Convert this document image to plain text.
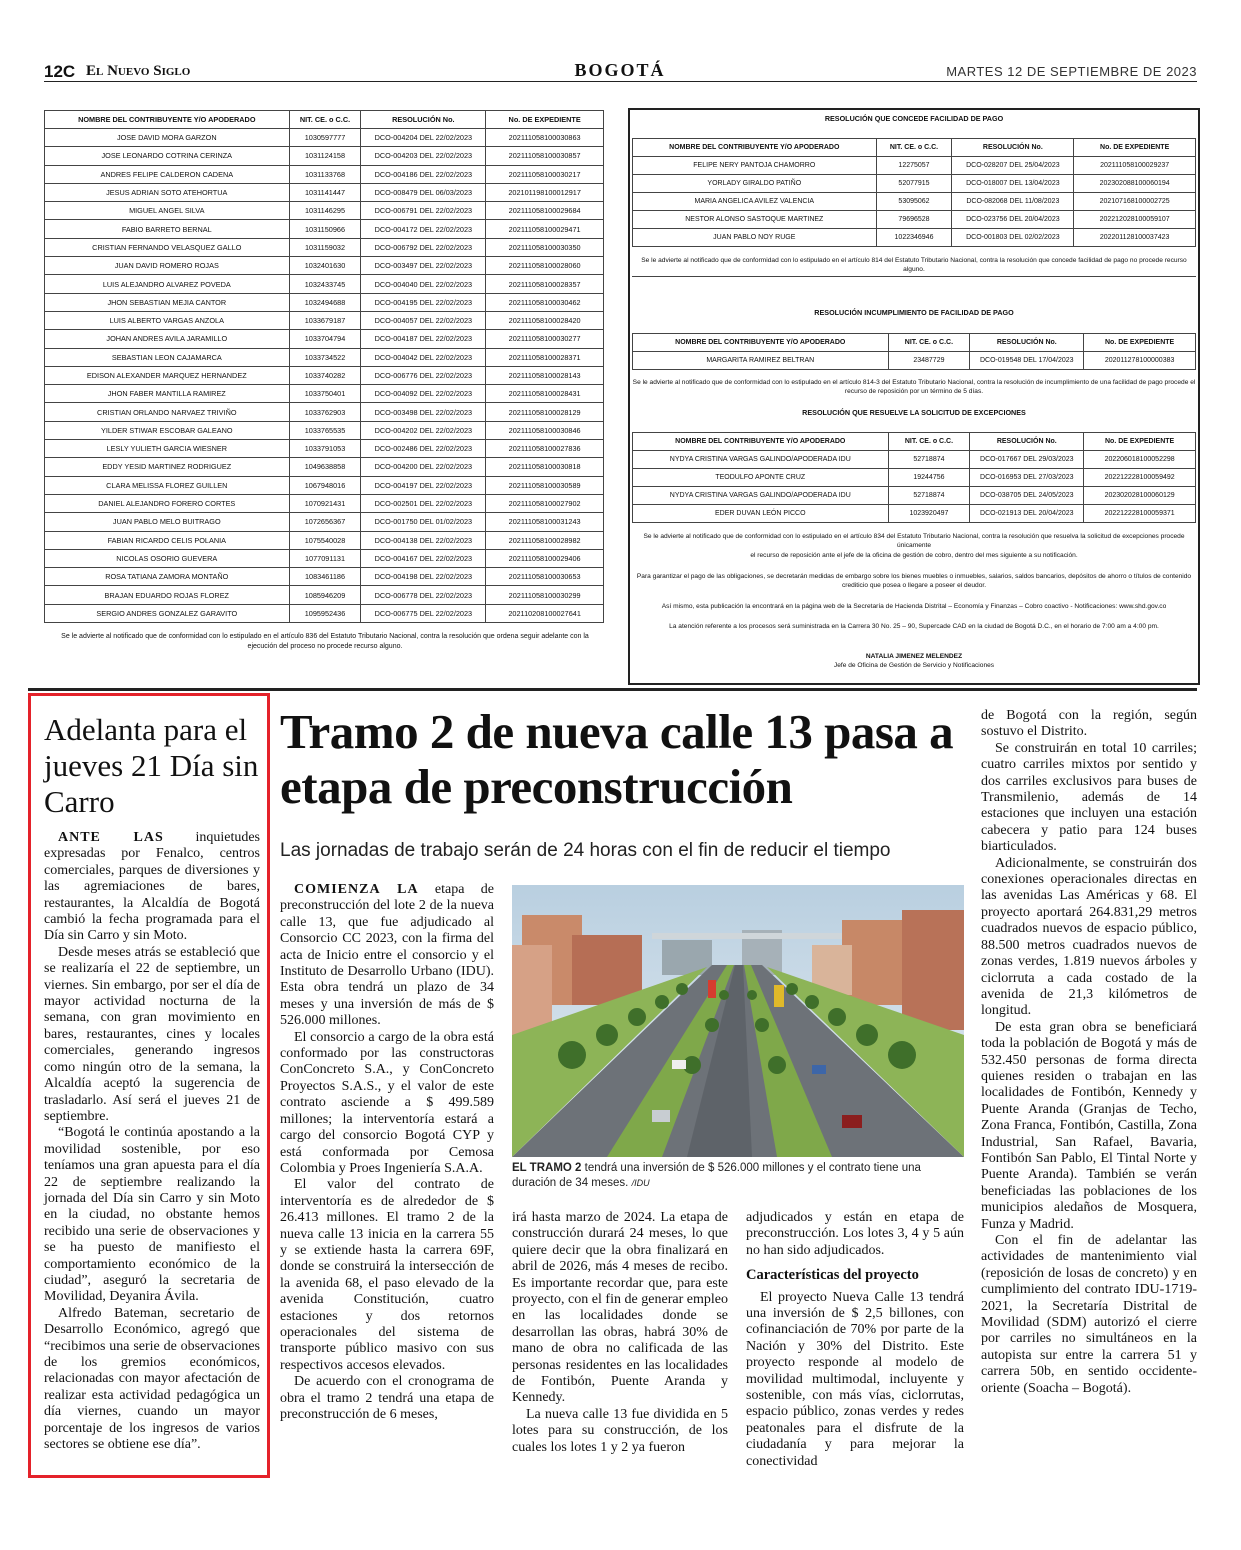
12C El Nuevo Siglo	BOGOTÁ	MARTES 12 DE SEPTIEMBRE DE 2023
NOMBRE DEL CONTRIBUYENTE Y/O APODERADO	NIT. CE. o C.C.	RESOLUCIÓN No.	No. DE EXPEDIENTE
JOSE DAVID MORA GARZON	1030597777	DCO-004204 DEL 22/02/2023	202111058100030863
JOSE LEONARDO COTRINA CERINZA	1031124158	DCO-004203 DEL 22/02/2023	202111058100030857
ANDRES FELIPE CALDERON CADENA	1031133768	DCO-004186 DEL 22/02/2023	202111058100030217
JESUS ADRIAN SOTO ATEHORTUA	1031141447	DCO-008479 DEL 06/03/2023	202101198100012917
MIGUEL ANGEL SILVA	1031146295	DCO-006791 DEL 22/02/2023	202111058100029684
FABIO BARRETO BERNAL	1031150966	DCO-004172 DEL 22/02/2023	202111058100029471
CRISTIAN FERNANDO VELASQUEZ GALLO	1031159032	DCO-006792 DEL 22/02/2023	202111058100030350
JUAN DAVID ROMERO ROJAS	1032401630	DCO-003497 DEL 22/02/2023	202111058100028060
LUIS ALEJANDRO ALVAREZ POVEDA	1032433745	DCO-004040 DEL 22/02/2023	202111058100028357
JHON SEBASTIAN MEJIA CANTOR	1032494688	DCO-004195 DEL 22/02/2023	202111058100030462
LUIS ALBERTO VARGAS ANZOLA	1033679187	DCO-004057 DEL 22/02/2023	202111058100028420
JOHAN ANDRES AVILA JARAMILLO	1033704794	DCO-004187 DEL 22/02/2023	202111058100030277
SEBASTIAN LEON CAJAMARCA	1033734522	DCO-004042 DEL 22/02/2023	202111058100028371
EDISON ALEXANDER MARQUEZ HERNANDEZ	1033740282	DCO-006776 DEL 22/02/2023	202111058100028143
JHON FABER MANTILLA RAMIREZ	1033750401	DCO-004092 DEL 22/02/2023	202111058100028431
CRISTIAN ORLANDO NARVAEZ TRIVIÑO	1033762903	DCO-003498 DEL 22/02/2023	202111058100028129
YILDER STIWAR ESCOBAR GALEANO	1033765535	DCO-004202 DEL 22/02/2023	202111058100030846
LESLY YULIETH GARCIA WIESNER	1033791053	DCO-002486 DEL 22/02/2023	202111058100027836
EDDY YESID MARTINEZ RODRIGUEZ	1049638858	DCO-004200 DEL 22/02/2023	202111058100030818
CLARA MELISSA FLOREZ GUILLEN	1067948016	DCO-004197 DEL 22/02/2023	202111058100030589
DANIEL ALEJANDRO FORERO CORTES	1070921431	DCO-002501 DEL 22/02/2023	202111058100027902
JUAN PABLO MELO BUITRAGO	1072656367	DCO-001750 DEL 01/02/2023	202111058100031243
FABIAN RICARDO CELIS POLANIA	1075540028	DCO-004138 DEL 22/02/2023	202111058100028982
NICOLAS OSORIO GUEVERA	1077091131	DCO-004167 DEL 22/02/2023	202111058100029406
ROSA TATIANA ZAMORA MONTAÑO	1083461186	DCO-004198 DEL 22/02/2023	202111058100030653
BRAJAN EDUARDO ROJAS FLOREZ	1085946209	DCO-006778 DEL 22/02/2023	202111058100030299
SERGIO ANDRES GONZALEZ GARAVITO	1095952436	DCO-006775 DEL 22/02/2023	202110208100027641
Se le advierte al notificado que de conformidad con lo estipulado en el artículo 836 del Estatuto Tributario Nacional, contra la resolución que ordena seguir adelante con la ejecución del proceso no procede recurso alguno.
RESOLUCIÓN QUE CONCEDE FACILIDAD DE PAGO
NOMBRE DEL CONTRIBUYENTE Y/O APODERADO	NIT. CE. o C.C.	RESOLUCIÓN No.	No. DE EXPEDIENTE
FELIPE NERY PANTOJA CHAMORRO	12275057	DCO-028207 DEL 25/04/2023	202111058100029237
YORLADY GIRALDO PATIÑO	52077915	DCO-018007 DEL 13/04/2023	202302088100060194
MARIA ANGELICA AVILEZ VALENCIA	53095062	DCO-082068 DEL 11/08/2023	202107168100002725
NESTOR ALONSO SASTOQUE MARTINEZ	79696528	DCO-023756 DEL 20/04/2023	202212028100059107
JUAN PABLO NOY RUGE	1022346946	DCO-001803 DEL 02/02/2023	202201128100037423
Se le advierte al notificado que de conformidad con lo estipulado en el artículo 814 del Estatuto Tributario Nacional, contra la resolución que concede facilidad de pago no procede recurso alguno.
RESOLUCIÓN INCUMPLIMIENTO DE FACILIDAD DE PAGO
NOMBRE DEL CONTRIBUYENTE Y/O APODERADO	NIT. CE. o C.C.	RESOLUCIÓN No.	No. DE EXPEDIENTE
MARGARITA RAMIREZ BELTRAN	23487729	DCO-019548 DEL 17/04/2023	202011278100000383
Se le advierte al notificado que de conformidad con lo estipulado en el artículo 814-3 del Estatuto Tributario Nacional, contra la resolución de incumplimiento de una facilidad de pago procede el recurso de reposición por un término de 5 días.
RESOLUCIÓN QUE RESUELVE LA SOLICITUD DE EXCEPCIONES
NOMBRE DEL CONTRIBUYENTE Y/O APODERADO	NIT. CE. o C.C.	RESOLUCIÓN No.	No. DE EXPEDIENTE
NYDYA CRISTINA VARGAS GALINDO/APODERADA IDU	52718874	DCO-017667 DEL 29/03/2023	202206018100052298
TEODULFO APONTE CRUZ	19244756	DCO-016953 DEL 27/03/2023	202212228100059492
NYDYA CRISTINA VARGAS GALINDO/APODERADA IDU	52718874	DCO-038705 DEL 24/05/2023	202302028100060129
EDER DUVAN LEÓN PICCO	1023920497	DCO-021913 DEL 20/04/2023	202212228100059371
Se le advierte al notificado que de conformidad con lo estipulado en el artículo 834 del Estatuto Tributario Nacional, contra la resolución que resuelva la solicitud de excepciones procede únicamente
el recurso de reposición ante el jefe de la oficina de gestión de cobro, dentro del mes siguiente a su notificación.
Para garantizar el pago de las obligaciones, se decretarán medidas de embargo sobre los bienes muebles o inmuebles, salarios, saldos bancarios, depósitos de ahorro o títulos de contenido crediticio que posea o llegare a poseer el deudor.
Así mismo, esta publicación la encontrará en la página web de la Secretaría de Hacienda Distrital – Economía y Finanzas – Cobro coactivo - Notificaciones: www.shd.gov.co
La atención referente a los procesos será suministrada en la Carrera 30 No. 25 – 90, Supercade CAD en la ciudad de Bogotá D.C., en el horario de 7:00 am a 4:00 pm.
NATALIA JIMENEZ MELENDEZ
Jefe de Oficina de Gestión de Servicio y Notificaciones
Adelanta para el jueves 21 Día sin Carro

ANTE LAS inquietudes expresadas por Fenalco, centros comerciales, parques de diversiones y las agremiaciones de bares, restaurantes, la Alcaldía de Bogotá cambió la fecha programada para el Día sin Carro y sin Moto.

Desde meses atrás se estableció que se realizaría el 22 de septiembre, un viernes. Sin embargo, por ser el día de mayor actividad nocturna de la semana, con gran movimiento en bares, restaurantes, cines y locales comerciales, generando ingresos como ningún otro de la semana, la Alcaldía aceptó la sugerencia de trasladarlo. Así será el jueves 21 de septiembre.

“Bogotá le continúa apostando a la movilidad sostenible, por eso teníamos una gran apuesta para el día 22 de septiembre realizando la jornada del Día sin Carro y sin Moto en la ciudad, no obstante hemos recibido una serie de observaciones y se ha puesto de manifiesto el comportamiento económico de la ciudad”, aseguró la secretaria de Movilidad, Deyanira Ávila.

Alfredo Bateman, secretario de Desarrollo Económico, agregó que “recibimos una serie de observaciones de los gremios económicos, relacionadas con mayor afectación de realizar esta actividad pedagógica un día viernes, cuando un mayor porcentaje de los ingresos de varios sectores se obtiene ese día”.

Tramo 2 de nueva calle 13 pasa a etapa de preconstrucción
Las jornadas de trabajo serán de 24 horas con el fin de reducir el tiempo

COMIENZA LA etapa de preconstrucción del lote 2 de la nueva calle 13, que fue adjudicado al Consorcio CC 2023, con la firma del acta de Inicio entre el consorcio y el Instituto de Desarrollo Urbano (IDU). Esta obra tendrá un plazo de 34 meses y una inversión de más de $ 526.000 millones.

El consorcio a cargo de la obra está conformado por las constructoras ConConcreto S.A., y ConConcreto Proyectos S.A.S., y el valor de este contrato asciende a $ 499.589 millones; la interventoría estará a cargo del consorcio Bogotá CYP y está conformada por Cemosa Colombia y Proes Ingeniería S.A.A.

El valor del contrato de interventoría es de alrededor de $ 26.413 millones. El tramo 2 de la nueva calle 13 inicia en la carrera 55 y se extiende hasta la carrera 69F, donde se construirá la intersección de la avenida 68, el paso elevado de la avenida Constitución, cuatro estaciones y dos retornos operacionales del sistema de transporte público masivo con sus respectivos accesos elevados.

De acuerdo con el cronograma de obra el tramo 2 tendrá una etapa de preconstrucción de 6 meses,

EL TRAMO 2 tendrá una inversión de $ 526.000 millones y el contrato tiene una duración de 34 meses. /IDU

irá hasta marzo de 2024. La etapa de construcción durará 24 meses, lo que quiere decir que la obra finalizará en abril de 2026, más 4 meses de recibo. Es importante recordar que, para este proyecto, con el fin de generar empleo en las localidades donde se desarrollan las obras, habrá 30% de mano de obra no calificada de las personas residentes en las localidades de Fontibón, Puente Aranda y Kennedy.

La nueva calle 13 fue dividida en 5 lotes para su construcción, de los cuales los lotes 1 y 2 ya fueron

adjudicados y están en etapa de preconstrucción. Los lotes 3, 4 y 5 aún no han sido adjudicados.

Características del proyecto

El proyecto Nueva Calle 13 tendrá una inversión de $ 2,5 billones, con cofinanciación de 70% por parte de la Nación y 30% del Distrito. Este proyecto responde al modelo de movilidad multimodal, incluyente y sostenible, con más vías, ciclorrutas, espacio público, zonas verdes y redes peatonales para el disfrute de la ciudadanía y para mejorar la conectividad

de Bogotá con la región, según sostuvo el Distrito.

Se construirán en total 10 carriles; cuatro carriles mixtos por sentido y dos carriles exclusivos para buses de Transmilenio, además de 14 estaciones que incluyen una estación cabecera y patio para 124 buses biarticulados.

Adicionalmente, se construirán dos conexiones operacionales directas en las avenidas Las Américas y 68. El proyecto aportará 264.831,29 metros cuadrados nuevos de espacio público, 88.500 metros cuadrados nuevos de zonas verdes, 1.819 nuevos árboles y ciclorruta a cada costado de la avenida de 21,3 kilómetros de longitud.

De esta gran obra se beneficiará toda la población de Bogotá y más de 532.450 personas de forma directa quienes residen o trabajan en las localidades de Fontibón, Kennedy y Puente Aranda (Granjas de Techo, Zona Franca, Fontibón, Castilla, Zona Industrial, San Rafael, Bavaria, Fontibón San Pablo, El Tintal Norte y Puente Aranda). También se verán beneficiadas las poblaciones de los municipios aledaños de Mosquera, Funza y Madrid.

Con el fin de adelantar las actividades de mantenimiento vial (reposición de losas de concreto) y en cumplimiento del contrato IDU-1719-2021, la Secretaría Distrital de Movilidad (SDM) autorizó el cierre por carriles no simultáneos en la autopista sur entre la carrera 51 y carrera 50b, en sentido occidente-oriente (Soacha – Bogotá).
